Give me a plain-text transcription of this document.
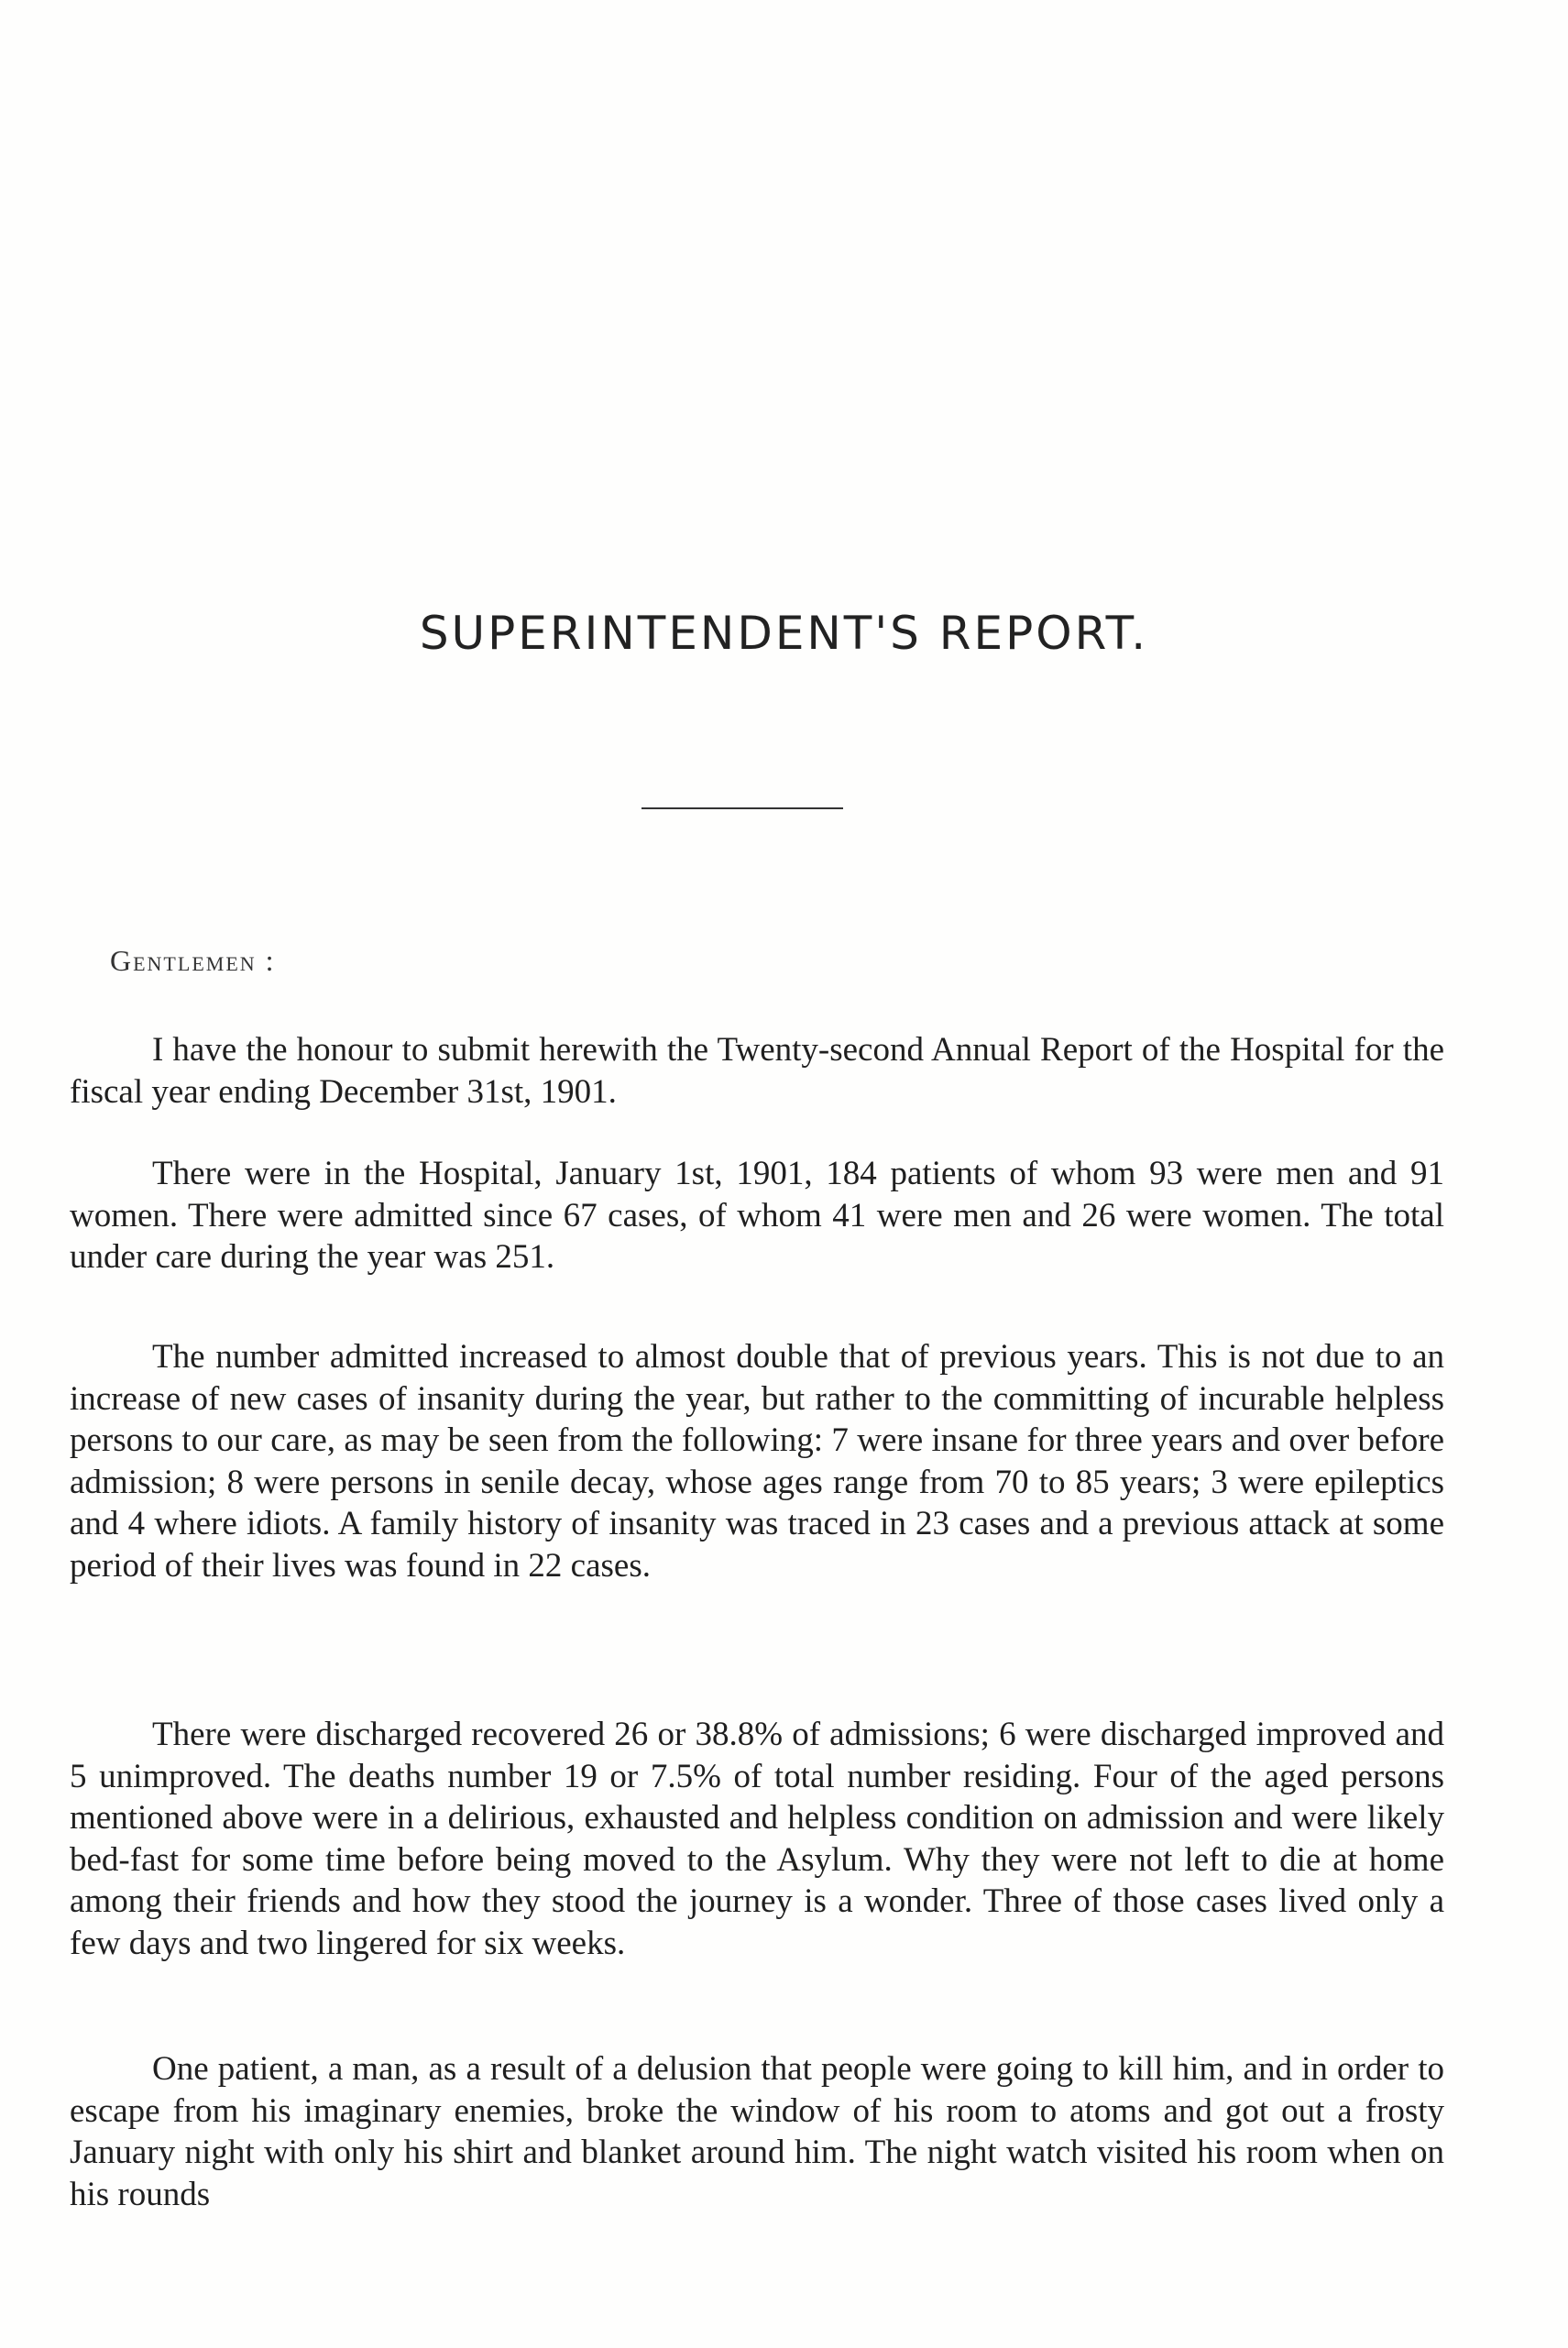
SUPERINTENDENT'S REPORT.
Gentlemen :

I have the honour to submit herewith the Twenty-second Annual Report of the Hospital for the fiscal year ending December 31st, 1901.

There were in the Hospital, January 1st, 1901, 184 patients of whom 93 were men and 91 women. There were admitted since 67 cases, of whom 41 were men and 26 were women. The total under care during the year was 251.

The number admitted increased to almost double that of previous years. This is not due to an increase of new cases of insanity during the year, but rather to the committing of incurable helpless persons to our care, as may be seen from the following: 7 were insane for three years and over before admission; 8 were persons in senile decay, whose ages range from 70 to 85 years; 3 were epileptics and 4 where idiots. A family history of insanity was traced in 23 cases and a previous attack at some period of their lives was found in 22 cases.

There were discharged recovered 26 or 38.8% of admissions; 6 were discharged improved and 5 unimproved. The deaths number 19 or 7.5% of total number residing. Four of the aged persons mentioned above were in a delirious, exhausted and helpless condition on admission and were likely bed-fast for some time before being moved to the Asylum. Why they were not left to die at home among their friends and how they stood the journey is a wonder. Three of those cases lived only a few days and two lingered for six weeks.

One patient, a man, as a result of a delusion that people were going to kill him, and in order to escape from his imaginary enemies, broke the window of his room to atoms and got out a frosty January night with only his shirt and blanket around him. The night watch visited his room when on his rounds
